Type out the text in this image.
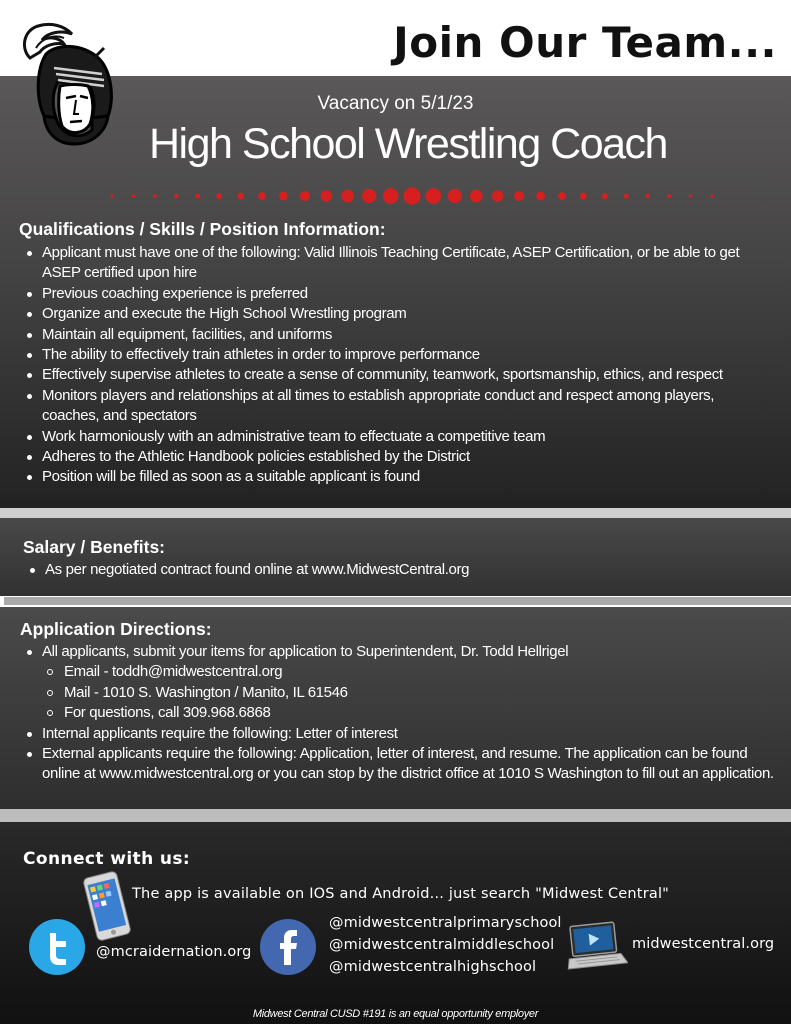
Join Our Team...
Vacancy on 5/1/23
High School Wrestling Coach
Qualifications / Skills / Position Information:
Applicant must have one of the following: Valid Illinois Teaching Certificate, ASEP Certification, or be able to get ASEP certified upon hire
Previous coaching experience is preferred
Organize and execute the High School Wrestling program
Maintain all equipment, facilities, and uniforms
The ability to effectively train athletes in order to improve performance
Effectively supervise athletes to create a sense of community, teamwork, sportsmanship, ethics, and respect
Monitors players and relationships at all times to establish appropriate conduct and respect among players, coaches, and spectators
Work harmoniously with an administrative team to effectuate a competitive team
Adheres to the Athletic Handbook policies established by the District
Position will be filled as soon as a suitable applicant is found
Salary / Benefits:
As per negotiated contract found online at www.MidwestCentral.org
Application Directions:
All applicants, submit your items for application to Superintendent, Dr. Todd Hellrigel
Email - toddh@midwestcentral.org
Mail - 1010 S. Washington / Manito, IL 61546
For questions, call 309.968.6868
Internal applicants require the following: Letter of interest
External applicants require the following: Application, letter of interest, and resume. The application can be found online at www.midwestcentral.org or you can stop by the district office at 1010 S Washington to fill out an application.
Connect with us:
The app is available on IOS and Android... just search "Midwest Central"
@mcraidernation.org
@midwestcentralprimaryschool
@midwestcentralmiddleschool
@midwestcentralhighschool
midwestcentral.org
Midwest Central CUSD #191 is an equal opportunity employer
